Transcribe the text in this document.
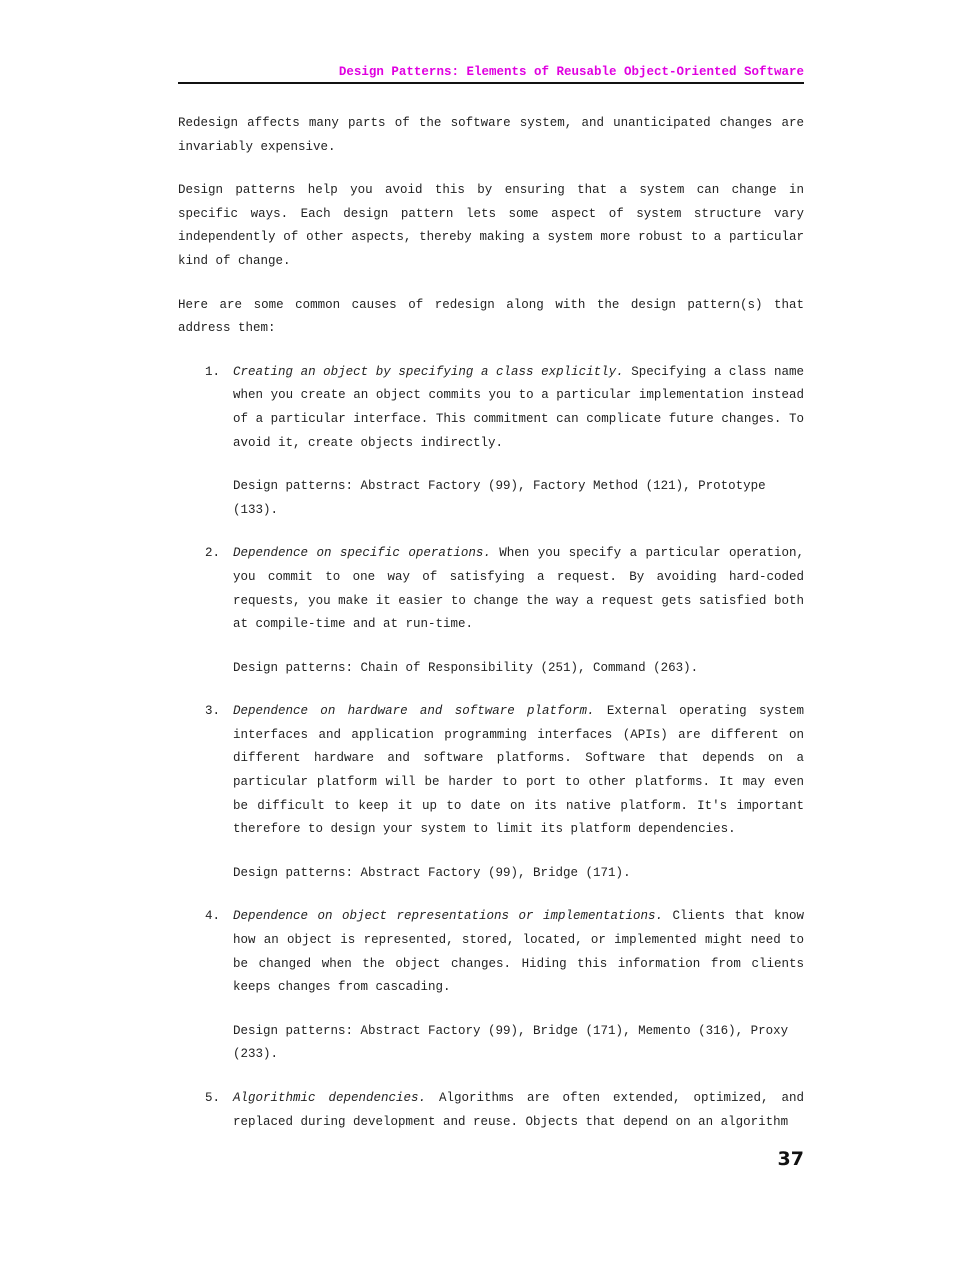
Design Patterns: Elements of Reusable Object-Oriented Software

Redesign affects many parts of the software system, and unanticipated changes are invariably expensive.

Design patterns help you avoid this by ensuring that a system can change in specific ways. Each design pattern lets some aspect of system structure vary independently of other aspects, thereby making a system more robust to a particular kind of change.

Here are some common causes of redesign along with the design pattern(s) that address them:

1. Creating an object by specifying a class explicitly. Specifying a class name when you create an object commits you to a particular implementation instead of a particular interface. This commitment can complicate future changes. To avoid it, create objects indirectly.

Design patterns: Abstract Factory (99), Factory Method (121), Prototype (133).

2. Dependence on specific operations. When you specify a particular operation, you commit to one way of satisfying a request. By avoiding hard-coded requests, you make it easier to change the way a request gets satisfied both at compile-time and at run-time.

Design patterns: Chain of Responsibility (251), Command (263).

3. Dependence on hardware and software platform. External operating system interfaces and application programming interfaces (APIs) are different on different hardware and software platforms. Software that depends on a particular platform will be harder to port to other platforms. It may even be difficult to keep it up to date on its native platform. It's important therefore to design your system to limit its platform dependencies.

Design patterns: Abstract Factory (99), Bridge (171).

4. Dependence on object representations or implementations. Clients that know how an object is represented, stored, located, or implemented might need to be changed when the object changes. Hiding this information from clients keeps changes from cascading.

Design patterns: Abstract Factory (99), Bridge (171), Memento (316), Proxy (233).

5. Algorithmic dependencies. Algorithms are often extended, optimized, and replaced during development and reuse. Objects that depend on an algorithm

37
